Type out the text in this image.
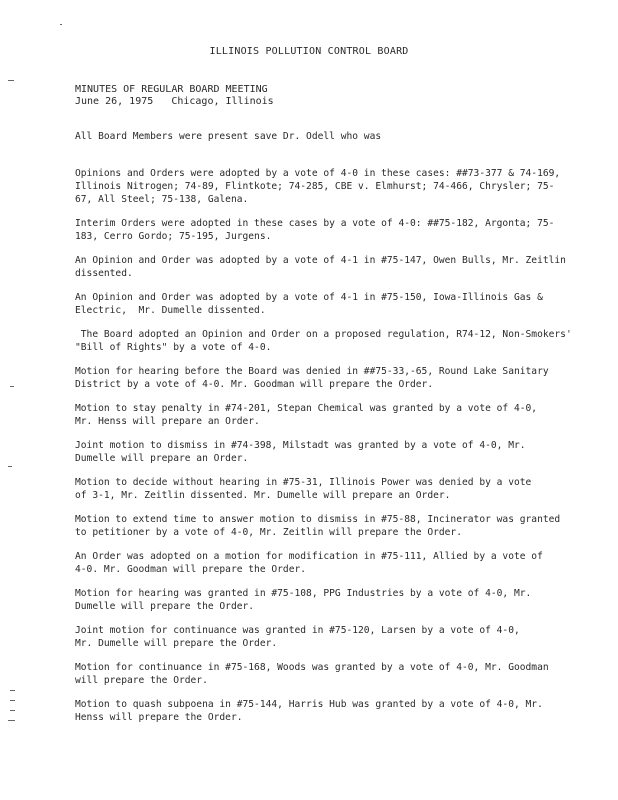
ILLINOIS POLLUTION CONTROL BOARD
MINUTES OF REGULAR BOARD MEETING
June 26, 1975   Chicago, Illinois
All Board Members were present save Dr. Odell who was
Opinions and Orders were adopted by a vote of 4-0 in these cases: ##73-377 & 74-169,
Illinois Nitrogen; 74-89, Flintkote; 74-285, CBE v. Elmhurst; 74-466, Chrysler; 75-
67, All Steel; 75-138, Galena.
Interim Orders were adopted in these cases by a vote of 4-0: ##75-182, Argonta; 75-
183, Cerro Gordo; 75-195, Jurgens.
An Opinion and Order was adopted by a vote of 4-1 in #75-147, Owen Bulls, Mr. Zeitlin
dissented.
An Opinion and Order was adopted by a vote of 4-1 in #75-150, Iowa-Illinois Gas &
Electric,  Mr. Dumelle dissented.
The Board adopted an Opinion and Order on a proposed regulation, R74-12, Non-Smokers'
"Bill of Rights" by a vote of 4-0.
Motion for hearing before the Board was denied in ##75-33,-65, Round Lake Sanitary
District by a vote of 4-0. Mr. Goodman will prepare the Order.
Motion to stay penalty in #74-201, Stepan Chemical was granted by a vote of 4-0,
Mr. Henss will prepare an Order.
Joint motion to dismiss in #74-398, Milstadt was granted by a vote of 4-0, Mr.
Dumelle will prepare an Order.
Motion to decide without hearing in #75-31, Illinois Power was denied by a vote
of 3-1, Mr. Zeitlin dissented. Mr. Dumelle will prepare an Order.
Motion to extend time to answer motion to dismiss in #75-88, Incinerator was granted
to petitioner by a vote of 4-0, Mr. Zeitlin will prepare the Order.
An Order was adopted on a motion for modification in #75-111, Allied by a vote of
4-0. Mr. Goodman will prepare the Order.
Motion for hearing was granted in #75-108, PPG Industries by a vote of 4-0, Mr.
Dumelle will prepare the Order.
Joint motion for continuance was granted in #75-120, Larsen by a vote of 4-0,
Mr. Dumelle will prepare the Order.
Motion for continuance in #75-168, Woods was granted by a vote of 4-0, Mr. Goodman
will prepare the Order.
Motion to quash subpoena in #75-144, Harris Hub was granted by a vote of 4-0, Mr.
Henss will prepare the Order.
